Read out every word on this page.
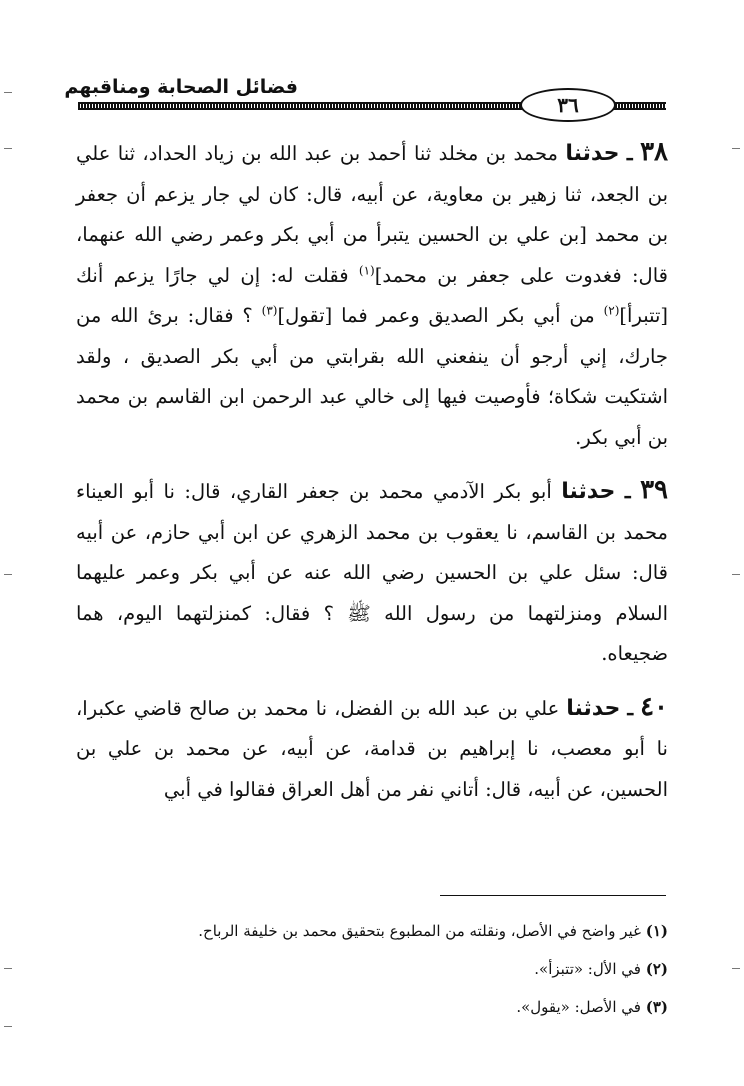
فضائل الصحابة ومناقبهم
٣٦

٣٨ ـ حدثنا محمد بن مخلد ثنا أحمد بن عبد الله بن زياد الحداد، ثنا علي بن الجعد، ثنا زهير بن معاوية، عن أبيه، قال: كان لي جار يزعم أن جعفر بن محمد [بن علي بن الحسين يتبرأ من أبي بكر وعمر رضي الله عنهما، قال: فغدوت على جعفر بن محمد]$^{(١)}$ فقلت له: إن لي جارًا يزعم أنك [تتبرأ]$^{(٢)}$ من أبي بكر الصديق وعمر فما [تقول]$^{(٣)}$ ؟ فقال: برئ الله من جارك، إني أرجو أن ينفعني الله بقرابتي من أبي بكر الصديق ، ولقد اشتكيت شكاة؛ فأوصيت فيها إلى خالي عبد الرحمن ابن القاسم بن محمد بن أبي بكر.

٣٩ ـ حدثنا أبو بكر الآدمي محمد بن جعفر القاري، قال: نا أبو العيناء محمد بن القاسم، نا يعقوب بن محمد الزهري عن ابن أبي حازم، عن أبيه قال: سئل علي بن الحسين رضي الله عنه عن أبي بكر وعمر عليهما السلام ومنزلتهما من رسول الله ﷺ ؟ فقال: كمنزلتهما اليوم، هما ضجيعاه.

٤٠ ـ حدثنا علي بن عبد الله بن الفضل، نا محمد بن صالح قاضي عكبرا، نا أبو معصب، نا إبراهيم بن قدامة، عن أبيه، عن محمد بن علي بن الحسين، عن أبيه، قال: أتاني نفر من أهل العراق فقالوا في أبي

(١) غير واضح في الأصل، ونقلته من المطبوع بتحقيق محمد بن خليفة الرباح.
(٢) في الأل: «تتبزأ».
(٣) في الأصل: «يقول».
